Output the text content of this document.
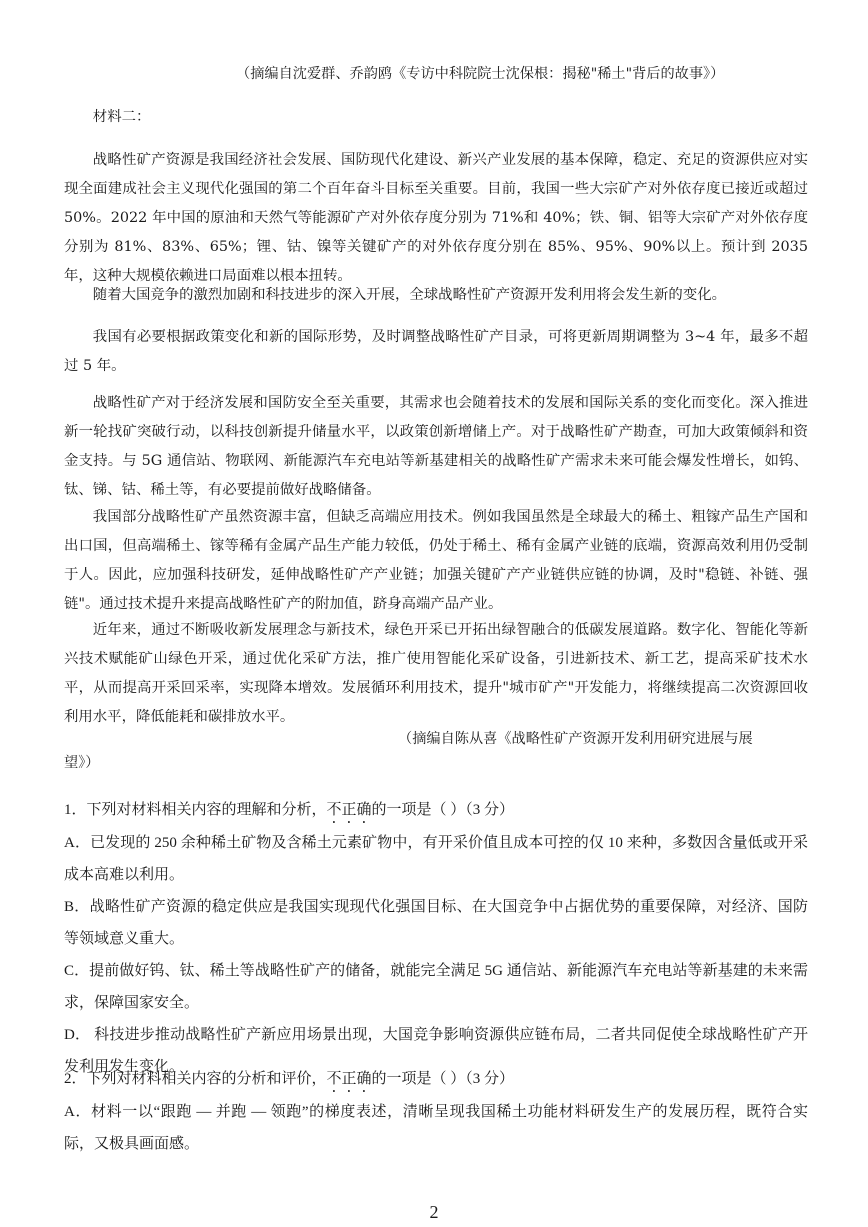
（摘编自沈爱群、乔韵鸥《专访中科院院士沈保根：揭秘"稀土"背后的故事》）

材料二：

战略性矿产资源是我国经济社会发展、国防现代化建设、新兴产业发展的基本保障，稳定、充足的资源供应对实现全面建成社会主义现代化强国的第二个百年奋斗目标至关重要。目前，我国一些大宗矿产对外依存度已接近或超过 50%。2022 年中国的原油和天然气等能源矿产对外依存度分别为 71%和 40%；铁、铜、铝等大宗矿产对外依存度分别为 81%、83%、65%；锂、钴、镍等关键矿产的对外依存度分别在 85%、95%、90%以上。预计到 2035 年，这种大规模依赖进口局面难以根本扭转。

随着大国竞争的激烈加剧和科技进步的深入开展，全球战略性矿产资源开发利用将会发生新的变化。

我国有必要根据政策变化和新的国际形势，及时调整战略性矿产目录，可将更新周期调整为 3~4 年，最多不超过 5 年。

战略性矿产对于经济发展和国防安全至关重要，其需求也会随着技术的发展和国际关系的变化而变化。深入推进新一轮找矿突破行动，以科技创新提升储量水平，以政策创新增储上产。对于战略性矿产勘查，可加大政策倾斜和资金支持。与 5G 通信站、物联网、新能源汽车充电站等新基建相关的战略性矿产需求未来可能会爆发性增长，如钨、钛、锑、钴、稀土等，有必要提前做好战略储备。

我国部分战略性矿产虽然资源丰富，但缺乏高端应用技术。例如我国虽然是全球最大的稀土、粗镓产品生产国和出口国，但高端稀土、镓等稀有金属产品生产能力较低，仍处于稀土、稀有金属产业链的底端，资源高效利用仍受制于人。因此，应加强科技研发，延伸战略性矿产产业链；加强关键矿产产业链供应链的协调，及时"稳链、补链、强链"。通过技术提升来提高战略性矿产的附加值，跻身高端产品产业。

近年来，通过不断吸收新发展理念与新技术，绿色开采已开拓出绿智融合的低碳发展道路。数字化、智能化等新兴技术赋能矿山绿色开采，通过优化采矿方法，推广使用智能化采矿设备，引进新技术、新工艺，提高采矿技术水平，从而提高开采回采率，实现降本增效。发展循环利用技术，提升"城市矿产"开发能力，将继续提高二次资源回收利用水平，降低能耗和碳排放水平。

（摘编自陈从喜《战略性矿产资源开发利用研究进展与展
望》）

1．下列对材料相关内容的理解和分析，不正确的一项是（ ）（3 分）

A．已发现的 250 余种稀土矿物及含稀土元素矿物中，有开采价值且成本可控的仅 10 来种，多数因含量低或开采成本高难以利用。

B．战略性矿产资源的稳定供应是我国实现现代化强国目标、在大国竞争中占据优势的重要保障，对经济、国防等领域意义重大。

C．提前做好钨、钛、稀土等战略性矿产的储备，就能完全满足 5G 通信站、新能源汽车充电站等新基建的未来需求，保障国家安全。

D． 科技进步推动战略性矿产新应用场景出现，大国竞争影响资源供应链布局，二者共同促使全球战略性矿产开发利用发生变化。

2．下列对材料相关内容的分析和评价，不正确的一项是（ ）（3 分）

A．材料一以“跟跑 — 并跑 — 领跑”的梯度表述，清晰呈现我国稀土功能材料研发生产的发展历程，既符合实际，又极具画面感。

2
